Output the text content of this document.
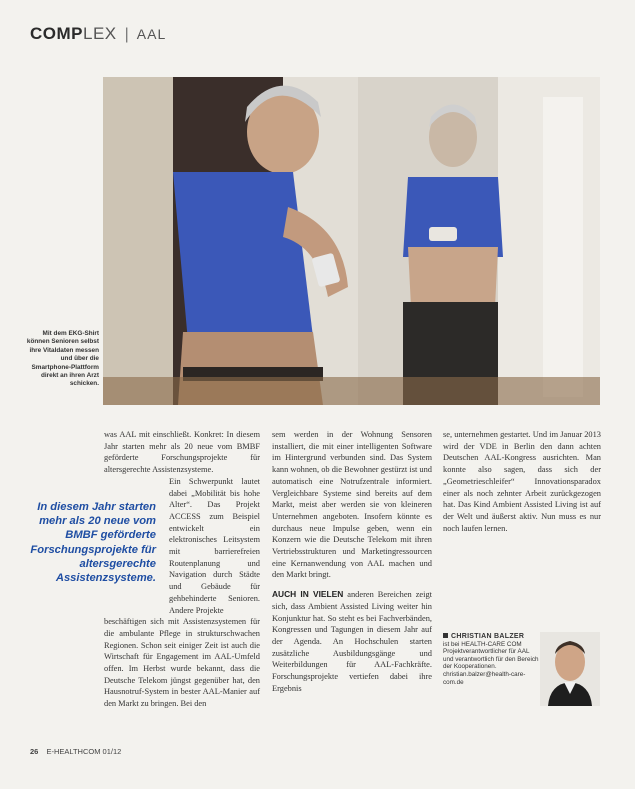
COMPLEX | AAL
Mit dem EKG-Shirt können Senioren selbst ihre Vitaldaten messen und über die Smartphone-Plattform direkt an ihren Arzt schicken.
In diesem Jahr starten mehr als 20 neue vom BMBF geförderte Forschungsprojekte für altersgerechte Assistenzsysteme.

was AAL mit einschließt. Konkret: In diesem Jahr starten mehr als 20 neue vom BMBF geförderte Forschungsprojekte für altersgerechte Assistenzsysteme.

Ein Schwerpunkt lautet dabei „Mobilität bis hohe Alter“. Das Projekt ACCESS zum Beispiel entwickelt ein elektronisches Leitsystem mit barrierefreien Routenplanung und Navigation durch Städte und Gebäude für gehbehinderte Senioren. Andere Projekte

beschäftigen sich mit Assistenzsystemen für die ambulante Pflege in strukturschwachen Regionen. Schon seit einiger Zeit ist auch die Wirtschaft für Engagement im AAL-Umfeld offen. Im Herbst wurde bekannt, dass die Deutsche Telekom jüngst gegenüber hat, den Hausnotruf-System in bester AAL-Manier auf den Markt zu bringen. Bei den

sem werden in der Wohnung Sensoren installiert, die mit einer intelligenten Software im Hintergrund verbunden sind. Das System kann wohnen, ob die Bewohner gestürzt ist und automatisch eine Notrufzentrale informiert. Vergleichbare Systeme sind bereits auf dem Markt, meist aber werden sie von kleineren Unternehmen angeboten. Insofern könnte es durchaus neue Impulse geben, wenn ein Konzern wie die Deutsche Telekom mit ihren Vertriebsstrukturen und Marketingressourcen eine Kernanwendung von AAL machen und den Markt bringt.

AUCH IN VIELEN anderen Bereichen zeigt sich, dass Ambient Assisted Living weiter hin Konjunktur hat. So steht es bei Fachverbänden, Kongressen und Tagungen in diesem Jahr auf der Agenda. An Hochschulen starten zusätzliche Ausbildungsgänge und Weiterbildungen für AAL-Fachkräfte. Forschungsprojekte vertiefen dabei ihre Ergebnis

se, unternehmen gestartet. Und im Januar 2013 wird der VDE in Berlin den dann achten Deutschen AAL-Kongress ausrichten. Man konnte also sagen, dass sich der „Geometrieschleifer“ Innovationsparadox einer als noch zehnter Arbeit zurückgezogen hat. Das Kind Ambient Assisted Living ist auf der Welt und äußerst aktiv. Nun muss es nur noch laufen lernen.

CHRISTIAN BALZER
ist bei HEALTH-CARE COM Projektverantwortlicher für AAL und verantwortlich für den Bereich der Kooperationen. christian.balzer@health-care-com.de
26 E-HEALTHCOM 01/12
